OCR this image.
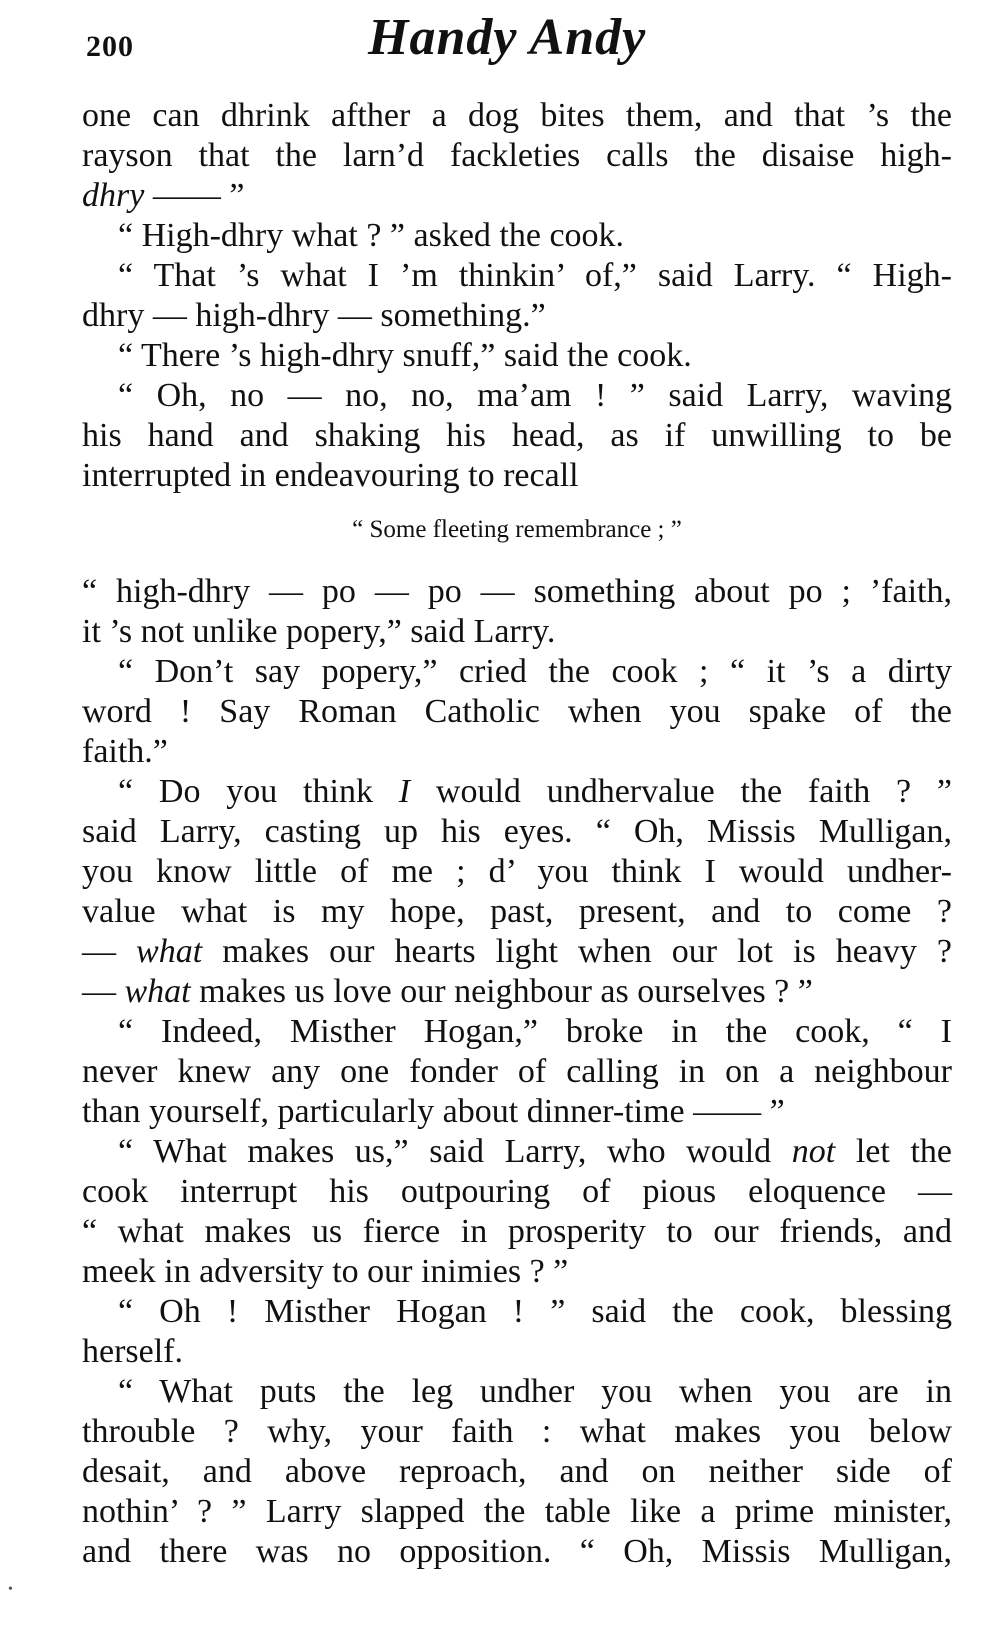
200	Handy Andy
one can dhrink afther a dog bites them, and that ’s the
rayson that the larn’d fackleties calls the disaise high-
dhry —— ”
“ High-dhry what ? ” asked the cook.
“ That ’s what I ’m thinkin’ of,” said Larry. “ High-
dhry — high-dhry — something.”
“ There ’s high-dhry snuff,” said the cook.
“ Oh, no — no, no, ma’am ! ” said Larry, waving
his hand and shaking his head, as if unwilling to be
interrupted in endeavouring to recall
“ Some fleeting remembrance ; ”
“ high-dhry — po — po — something about po ; ’faith,
it ’s not unlike popery,” said Larry.
“ Don’t say popery,” cried the cook ; “ it ’s a dirty
word ! Say Roman Catholic when you spake of the
faith.”
“ Do you think I would undhervalue the faith ? ”
said Larry, casting up his eyes. “ Oh, Missis Mulligan,
you know little of me ; d’ you think I would undher-
value what is my hope, past, present, and to come ?
— what makes our hearts light when our lot is heavy ?
— what makes us love our neighbour as ourselves ? ”
“ Indeed, Misther Hogan,” broke in the cook, “ I
never knew any one fonder of calling in on a neighbour
than yourself, particularly about dinner-time —— ”
“ What makes us,” said Larry, who would not let the
cook interrupt his outpouring of pious eloquence —
“ what makes us fierce in prosperity to our friends, and
meek in adversity to our inimies ? ”
“ Oh ! Misther Hogan ! ” said the cook, blessing
herself.
“ What puts the leg undher you when you are in
throuble ? why, your faith : what makes you below
desait, and above reproach, and on neither side of
nothin’ ? ” Larry slapped the table like a prime minister,
and there was no opposition. “ Oh, Missis Mulligan,
•
